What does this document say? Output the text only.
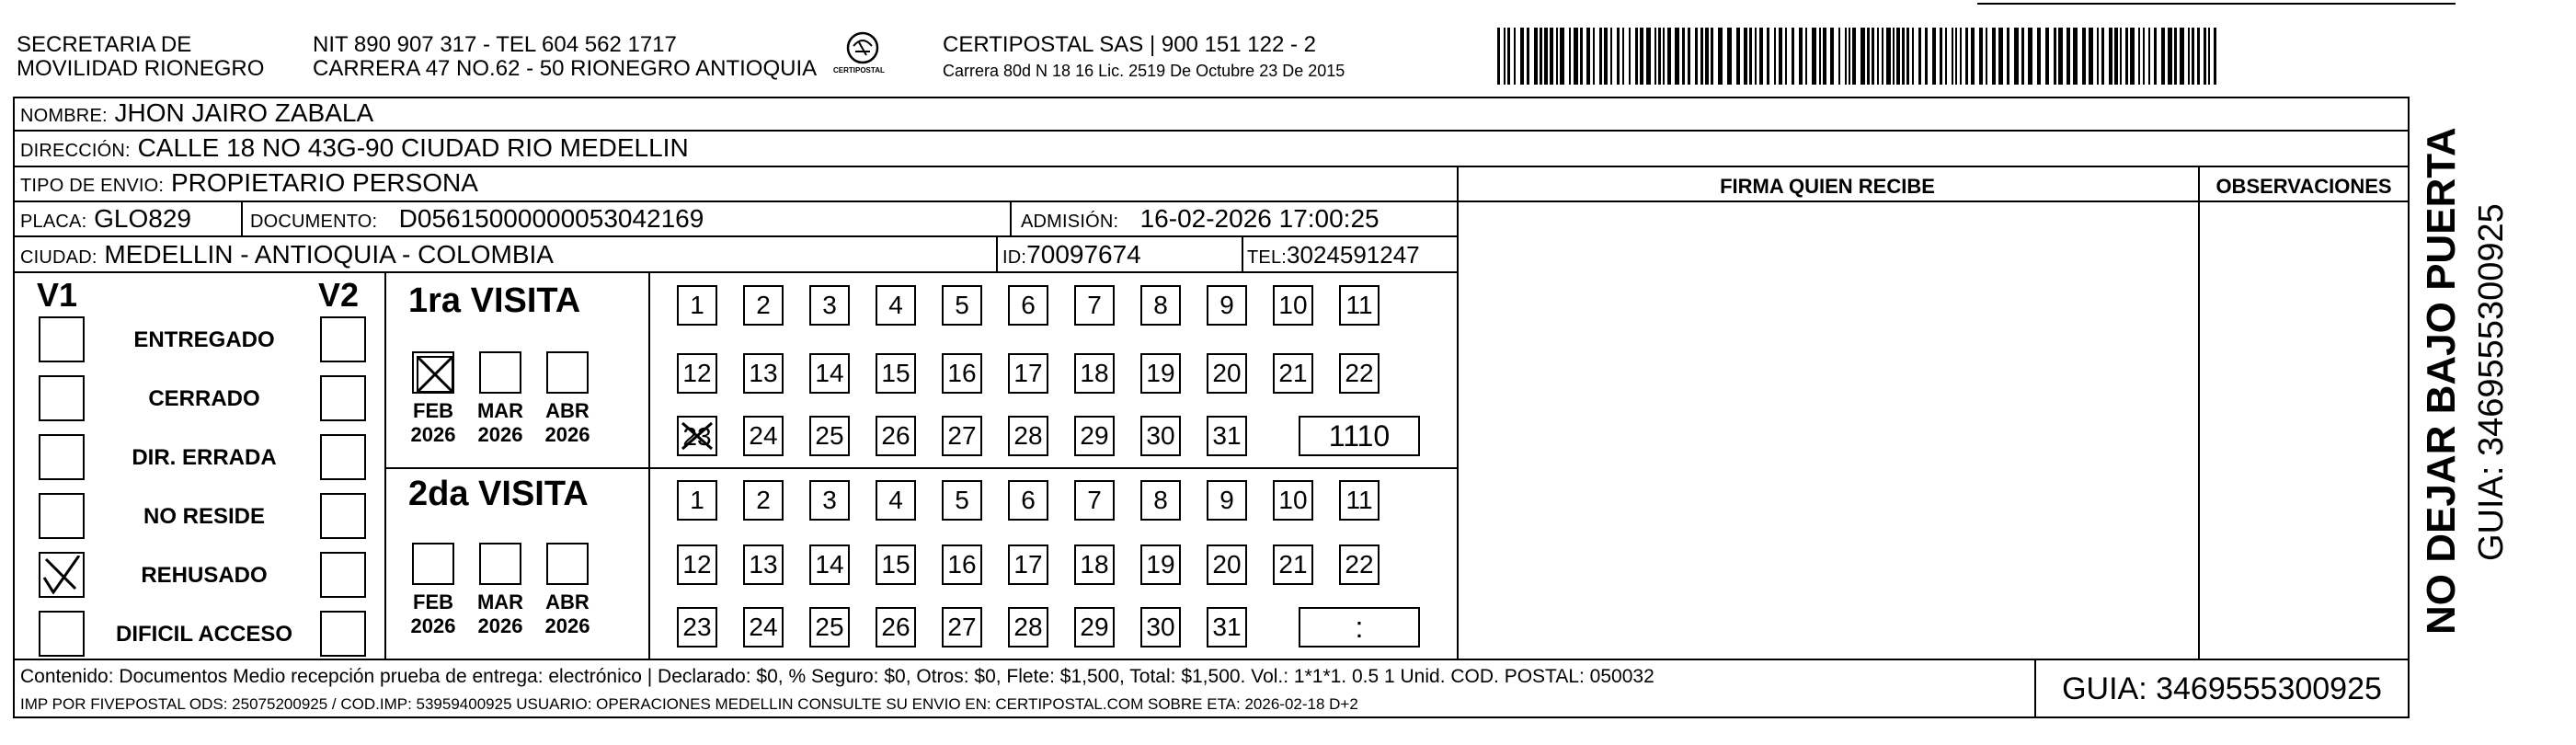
SECRETARIA DE
MOVILIDAD RIONEGRO
NIT 890 907 317 - TEL 604 562 1717
CARRERA 47 NO.62 - 50 RIONEGRO ANTIOQUIA CERTIPOSTAL
CERTIPOSTAL SAS | 900 151 122 - 2
Carrera 80d N 18 16 Lic. 2519 De Octubre 23 De 2015
NOMBRE: JHON JAIRO ZABALA
DIRECCIÓN: CALLE 18 NO 43G-90 CIUDAD RIO MEDELLIN
TIPO DE ENVIO: PROPIETARIO PERSONA	FIRMA QUIEN RECIBE	OBSERVACIONES
PLACA: GLO829	DOCUMENTO: D05615000000053042169	ADMISIÓN: 16-02-2026 17:00:25
CIUDAD: MEDELLIN - ANTIOQUIA - COLOMBIA	ID:70097674	TEL:3024591247
V1	V2
ENTREGADO
CERRADO
DIR. ERRADA
NO RESIDE
REHUSADO
DIFICIL ACCESO
1ra VISITA
2da VISITA
FEB
2026
MAR
2026
ABR
2026
FEB
2026
MAR
2026
ABR
2026
1	2	3	4	5	6	7	8	9	10 11
12 13 14 15 16 17 18 19 20 21 22
23 24 25 26 27 28 29 30 31	1110
1	2	3	4	5	6	7	8	9	10 11
12 13 14 15 16 17 18 19 20 21 22
23 24 25 26 27 28 29 30 31	:
Contenido: Documentos Medio recepción prueba de entrega: electrónico | Declarado: $0, % Seguro: $0, Otros: $0, Flete: $1,500, Total: $1,500. Vol.: 1*1*1. 0.5 1 Unid. COD. POSTAL: 050032
IMP POR FIVEPOSTAL ODS: 25075200925 / COD.IMP: 53959400925 USUARIO: OPERACIONES MEDELLIN CONSULTE SU ENVIO EN: CERTIPOSTAL.COM SOBRE ETA: 2026-02-18 D+2	GUIA: 3469555300925
NO DEJAR BAJO PUERTA GUIA: 3469555300925
